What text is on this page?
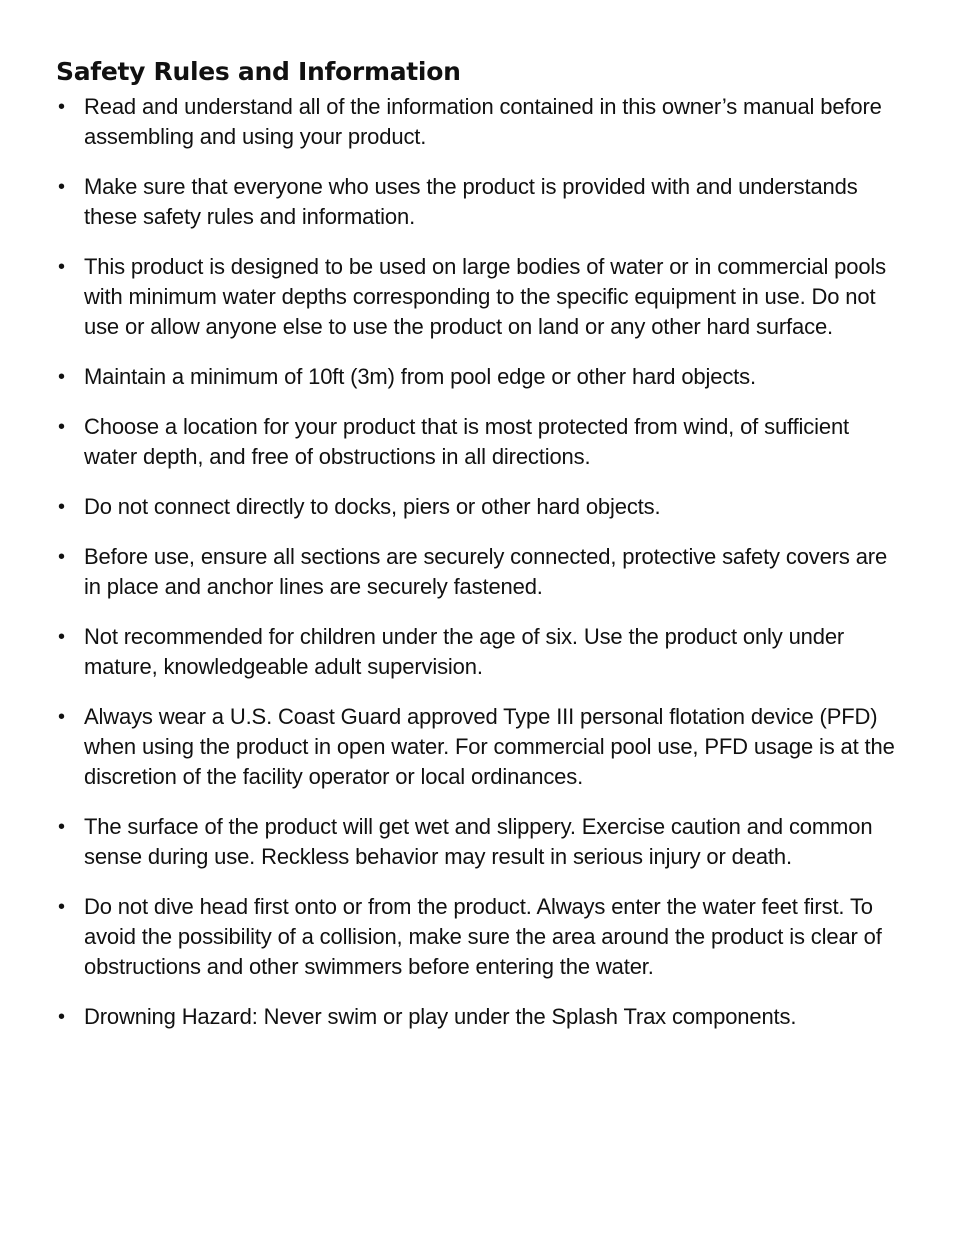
Safety Rules and Information
• Read and understand all of the information contained in this owner’s manual before assembling and using your product.
• Make sure that everyone who uses the product is provided with and understands these safety rules and information.
• This product is designed to be used on large bodies of water or in commercial pools with minimum water depths corresponding to the specific equipment in use. Do not use or allow anyone else to use the product on land or any other hard surface.
• Maintain a minimum of 10ft (3m) from pool edge or other hard objects.
• Choose a location for your product that is most protected from wind, of sufficient water depth, and free of obstructions in all directions.
• Do not connect directly to docks, piers or other hard objects.
• Before use, ensure all sections are securely connected, protective safety covers are in place and anchor lines are securely fastened.
• Not recommended for children under the age of six. Use the product only under mature, knowledgeable adult supervision.
• Always wear a U.S. Coast Guard approved Type III personal flotation device (PFD) when using the product in open water. For commercial pool use, PFD usage is at the discretion of the facility operator or local ordinances.
• The surface of the product will get wet and slippery. Exercise caution and common sense during use. Reckless behavior may result in serious injury or death.
• Do not dive head first onto or from the product. Always enter the water feet first. To avoid the possibility of a collision, make sure the area around the product is clear of obstructions and other swimmers before entering the water.
• Drowning Hazard: Never swim or play under the Splash Trax components.
